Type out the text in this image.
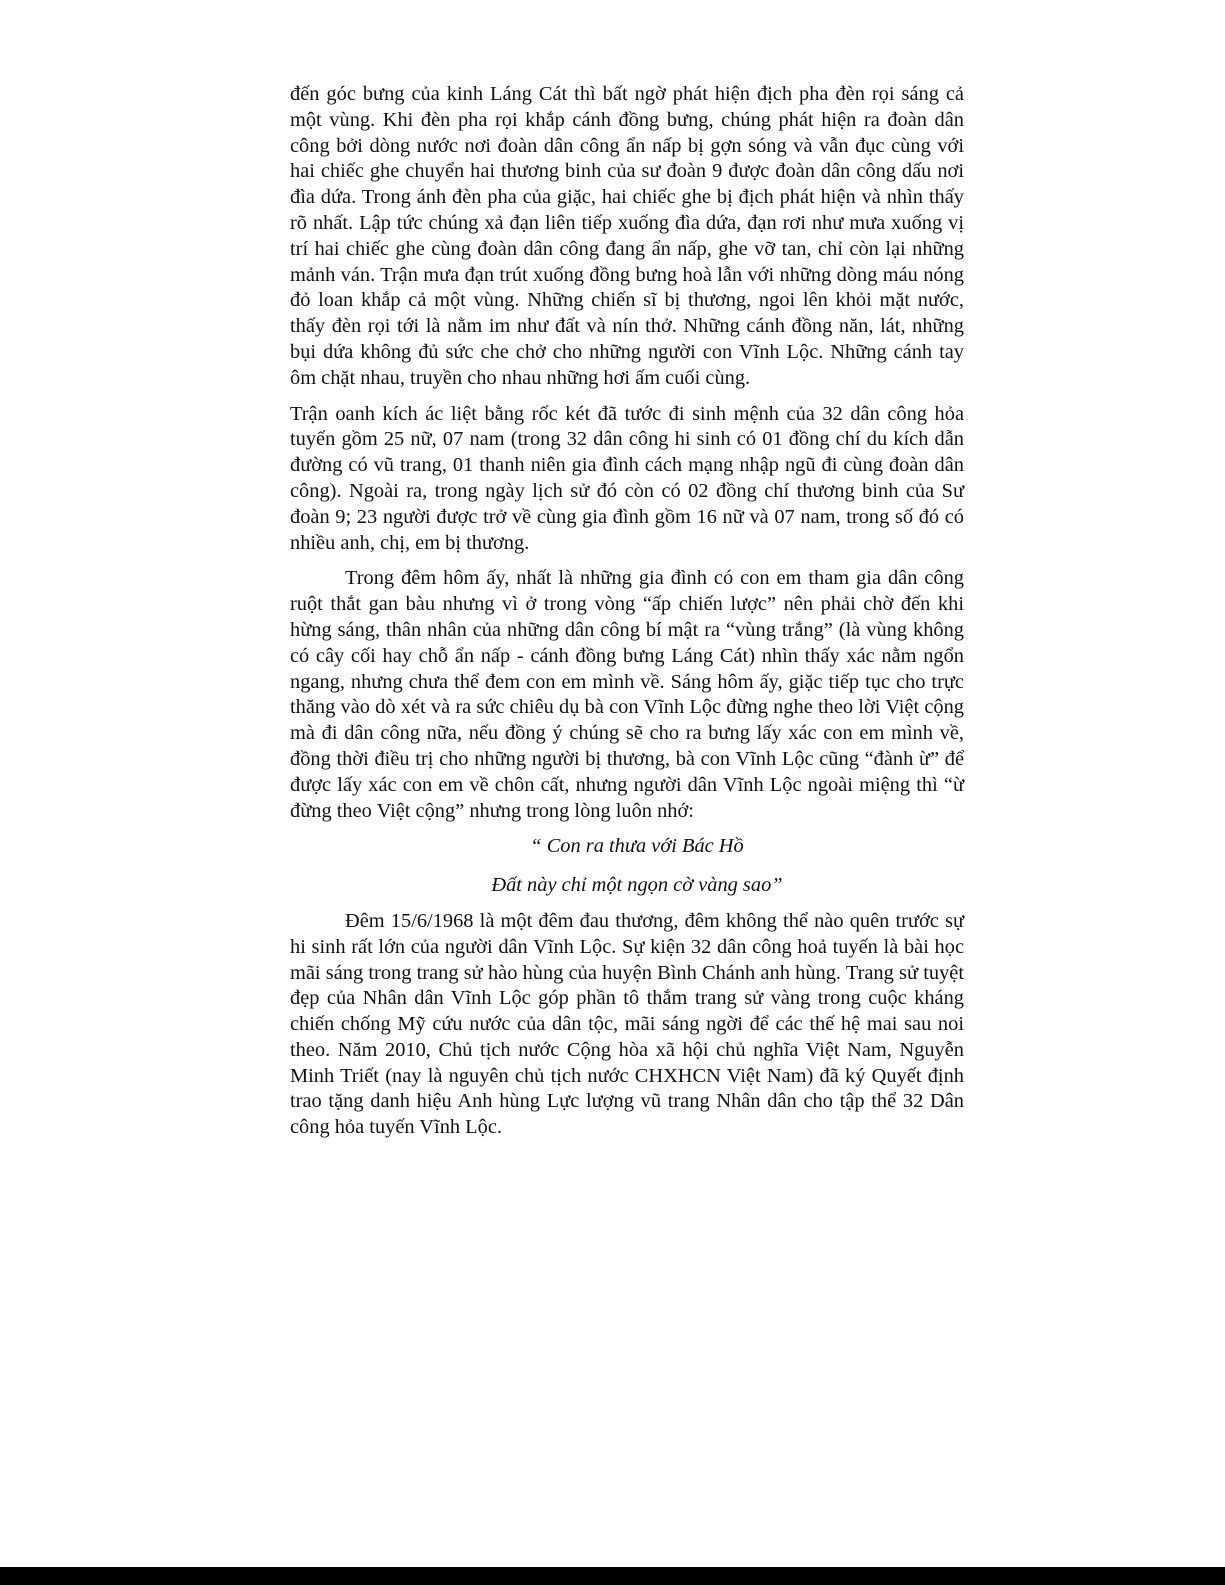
đến góc bưng của kinh Láng Cát thì bất ngờ phát hiện địch pha đèn rọi sáng cả một vùng. Khi đèn pha rọi khắp cánh đồng bưng, chúng phát hiện ra đoàn dân công bởi dòng nước nơi đoàn dân công ẩn nấp bị gợn sóng và vẫn đục cùng với hai chiếc ghe chuyển hai thương binh của sư đoàn 9 được đoàn dân công dấu nơi đìa dứa. Trong ánh đèn pha của giặc, hai chiếc ghe bị địch phát hiện và nhìn thấy rõ nhất. Lập tức chúng xả đạn liên tiếp xuống đìa dứa, đạn rơi như mưa xuống vị trí hai chiếc ghe cùng đoàn dân công đang ẩn nấp, ghe vỡ tan, chỉ còn lại những mảnh ván. Trận mưa đạn trút xuống đồng bưng hoà lẫn với những dòng máu nóng đỏ loan khắp cả một vùng. Những chiến sĩ bị thương, ngoi lên khỏi mặt nước, thấy đèn rọi tới là nằm im như đất và nín thở. Những cánh đồng năn, lát, những bụi dứa không đủ sức che chở cho những người con Vĩnh Lộc. Những cánh tay ôm chặt nhau, truyền cho nhau những hơi ấm cuối cùng.

Trận oanh kích ác liệt bằng rốc két đã tước đi sinh mệnh của 32 dân công hỏa tuyến gồm 25 nữ, 07 nam (trong 32 dân công hi sinh có 01 đồng chí du kích dẫn đường có vũ trang, 01 thanh niên gia đình cách mạng nhập ngũ đi cùng đoàn dân công). Ngoài ra, trong ngày lịch sử đó còn có 02 đồng chí thương binh của Sư đoàn 9; 23 người được trở về cùng gia đình gồm 16 nữ và 07 nam, trong số đó có nhiều anh, chị, em bị thương.

Trong đêm hôm ấy, nhất là những gia đình có con em tham gia dân công ruột thắt gan bàu nhưng vì ở trong vòng “ấp chiến lược” nên phải chờ đến khi hừng sáng, thân nhân của những dân công bí mật ra “vùng trắng” (là vùng không có cây cối hay chỗ ẩn nấp - cánh đồng bưng Láng Cát) nhìn thấy xác nằm ngổn ngang, nhưng chưa thể đem con em mình về. Sáng hôm ấy, giặc tiếp tục cho trực thăng vào dò xét và ra sức chiêu dụ bà con Vĩnh Lộc đừng nghe theo lời Việt cộng mà đi dân công nữa, nếu đồng ý chúng sẽ cho ra bưng lấy xác con em mình về, đồng thời điều trị cho những người bị thương, bà con Vĩnh Lộc cũng “đành ừ” để được lấy xác con em về chôn cất, nhưng người dân Vĩnh Lộc ngoài miệng thì “ừ đừng theo Việt cộng” nhưng trong lòng luôn nhớ:

“ Con ra thưa với Bác Hồ

Đất này chỉ một ngọn cờ vàng sao”

Đêm 15/6/1968 là một đêm đau thương, đêm không thể nào quên trước sự hi sinh rất lớn của người dân Vĩnh Lộc. Sự kiện 32 dân công hoả tuyến là bài học mãi sáng trong trang sử hào hùng của huyện Bình Chánh anh hùng. Trang sử tuyệt đẹp của Nhân dân Vĩnh Lộc góp phần tô thắm trang sử vàng trong cuộc kháng chiến chống Mỹ cứu nước của dân tộc, mãi sáng ngời để các thế hệ mai sau noi theo. Năm 2010, Chủ tịch nước Cộng hòa xã hội chủ nghĩa Việt Nam, Nguyễn Minh Triết (nay là nguyên chủ tịch nước CHXHCN Việt Nam) đã ký Quyết định trao tặng danh hiệu Anh hùng Lực lượng vũ trang Nhân dân cho tập thể 32 Dân công hỏa tuyến Vĩnh Lộc.
